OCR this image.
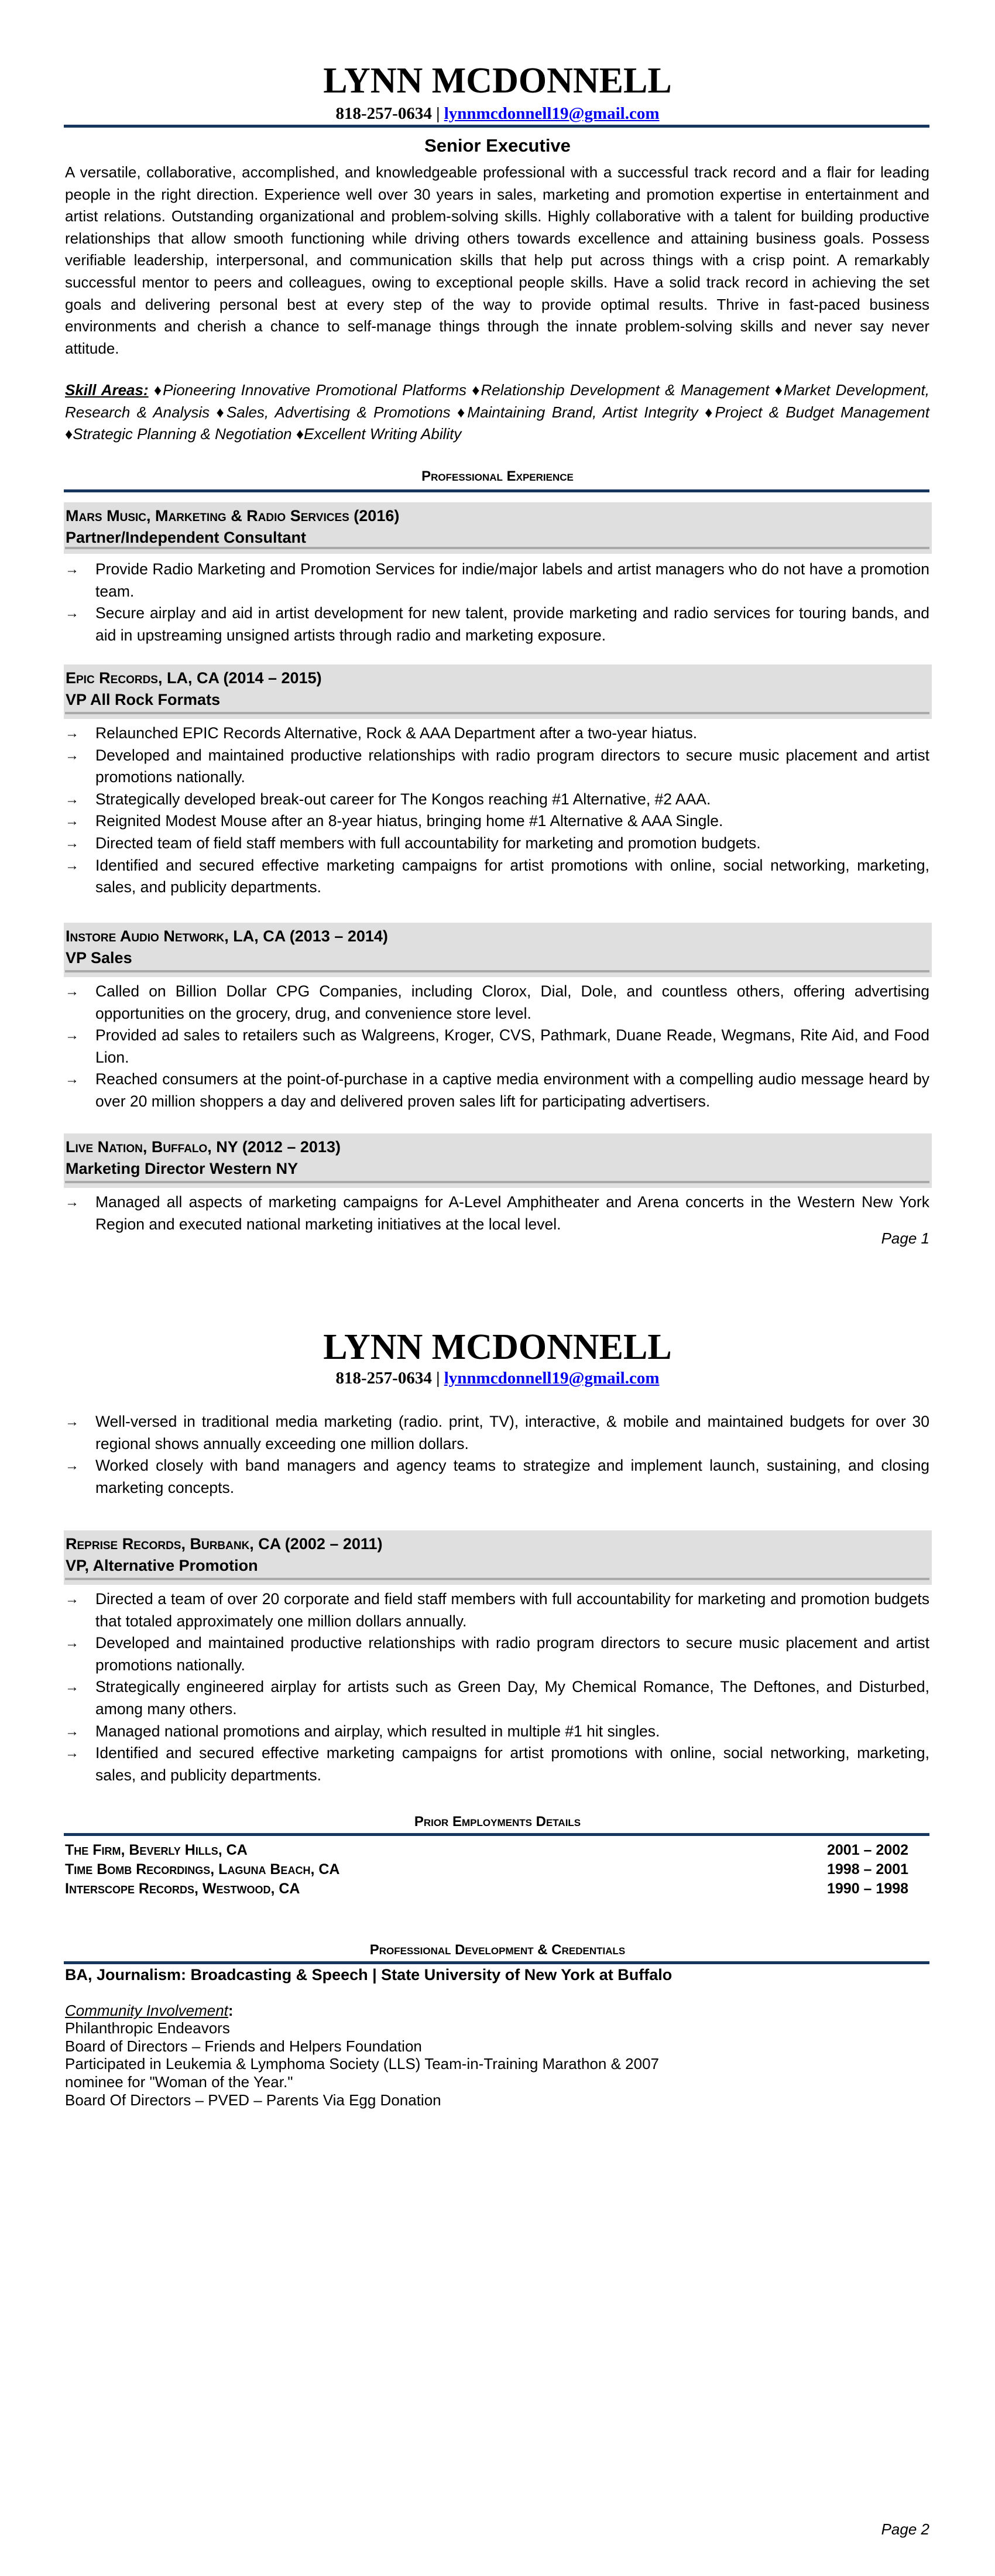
LYNN MCDONNELL
818-257-0634 | lynnmcdonnell19@gmail.com
Senior Executive
A versatile, collaborative, accomplished, and knowledgeable professional with a successful track record and a flair for leading people in the right direction. Experience well over 30 years in sales, marketing and promotion expertise in entertainment and artist relations. Outstanding organizational and problem-solving skills. Highly collaborative with a talent for building productive relationships that allow smooth functioning while driving others towards excellence and attaining business goals. Possess verifiable leadership, interpersonal, and communication skills that help put across things with a crisp point. A remarkably successful mentor to peers and colleagues, owing to exceptional people skills. Have a solid track record in achieving the set goals and delivering personal best at every step of the way to provide optimal results. Thrive in fast-paced business environments and cherish a chance to self-manage things through the innate problem-solving skills and never say never attitude.
Skill Areas: ♦Pioneering Innovative Promotional Platforms ♦Relationship Development & Management ♦Market Development, Research & Analysis ♦Sales, Advertising & Promotions ♦Maintaining Brand, Artist Integrity ♦Project & Budget Management ♦Strategic Planning & Negotiation ♦Excellent Writing Ability
Professional Experience
Mars Music, Marketing & Radio Services (2016)
Partner/Independent Consultant
→ Provide Radio Marketing and Promotion Services for indie/major labels and artist managers who do not have a promotion team.
→ Secure airplay and aid in artist development for new talent, provide marketing and radio services for touring bands, and aid in upstreaming unsigned artists through radio and marketing exposure.
Epic Records, LA, CA (2014 – 2015)
VP All Rock Formats
→ Relaunched EPIC Records Alternative, Rock & AAA Department after a two-year hiatus.
→ Developed and maintained productive relationships with radio program directors to secure music placement and artist promotions nationally.
→ Strategically developed break-out career for The Kongos reaching #1 Alternative, #2 AAA.
→ Reignited Modest Mouse after an 8-year hiatus, bringing home #1 Alternative & AAA Single.
→ Directed team of field staff members with full accountability for marketing and promotion budgets.
→ Identified and secured effective marketing campaigns for artist promotions with online, social networking, marketing, sales, and publicity departments.
Instore Audio Network, LA, CA (2013 – 2014)
VP Sales
→ Called on Billion Dollar CPG Companies, including Clorox, Dial, Dole, and countless others, offering advertising opportunities on the grocery, drug, and convenience store level.
→ Provided ad sales to retailers such as Walgreens, Kroger, CVS, Pathmark, Duane Reade, Wegmans, Rite Aid, and Food Lion.
→ Reached consumers at the point-of-purchase in a captive media environment with a compelling audio message heard by over 20 million shoppers a day and delivered proven sales lift for participating advertisers.
Live Nation, Buffalo, NY (2012 – 2013)
Marketing Director Western NY
→ Managed all aspects of marketing campaigns for A-Level Amphitheater and Arena concerts in the Western New York Region and executed national marketing initiatives at the local level.
Page 1
LYNN MCDONNELL
818-257-0634 | lynnmcdonnell19@gmail.com
→ Well-versed in traditional media marketing (radio. print, TV), interactive, & mobile and maintained budgets for over 30 regional shows annually exceeding one million dollars.
→ Worked closely with band managers and agency teams to strategize and implement launch, sustaining, and closing marketing concepts.
Reprise Records, Burbank, CA (2002 – 2011)
VP, Alternative Promotion
→ Directed a team of over 20 corporate and field staff members with full accountability for marketing and promotion budgets that totaled approximately one million dollars annually.
→ Developed and maintained productive relationships with radio program directors to secure music placement and artist promotions nationally.
→ Strategically engineered airplay for artists such as Green Day, My Chemical Romance, The Deftones, and Disturbed, among many others.
→ Managed national promotions and airplay, which resulted in multiple #1 hit singles.
→ Identified and secured effective marketing campaigns for artist promotions with online, social networking, marketing, sales, and publicity departments.
Prior Employments Details
The Firm, Beverly Hills, CA	2001 – 2002
Time Bomb Recordings, Laguna Beach, CA	1998 – 2001
Interscope Records, Westwood, CA	1990 – 1998
Professional Development & Credentials
BA, Journalism: Broadcasting & Speech | State University of New York at Buffalo
Community Involvement:
Philanthropic Endeavors
Board of Directors – Friends and Helpers Foundation
Participated in Leukemia & Lymphoma Society (LLS) Team-in-Training Marathon & 2007
nominee for "Woman of the Year."
Board Of Directors – PVED – Parents Via Egg Donation
Page 2
